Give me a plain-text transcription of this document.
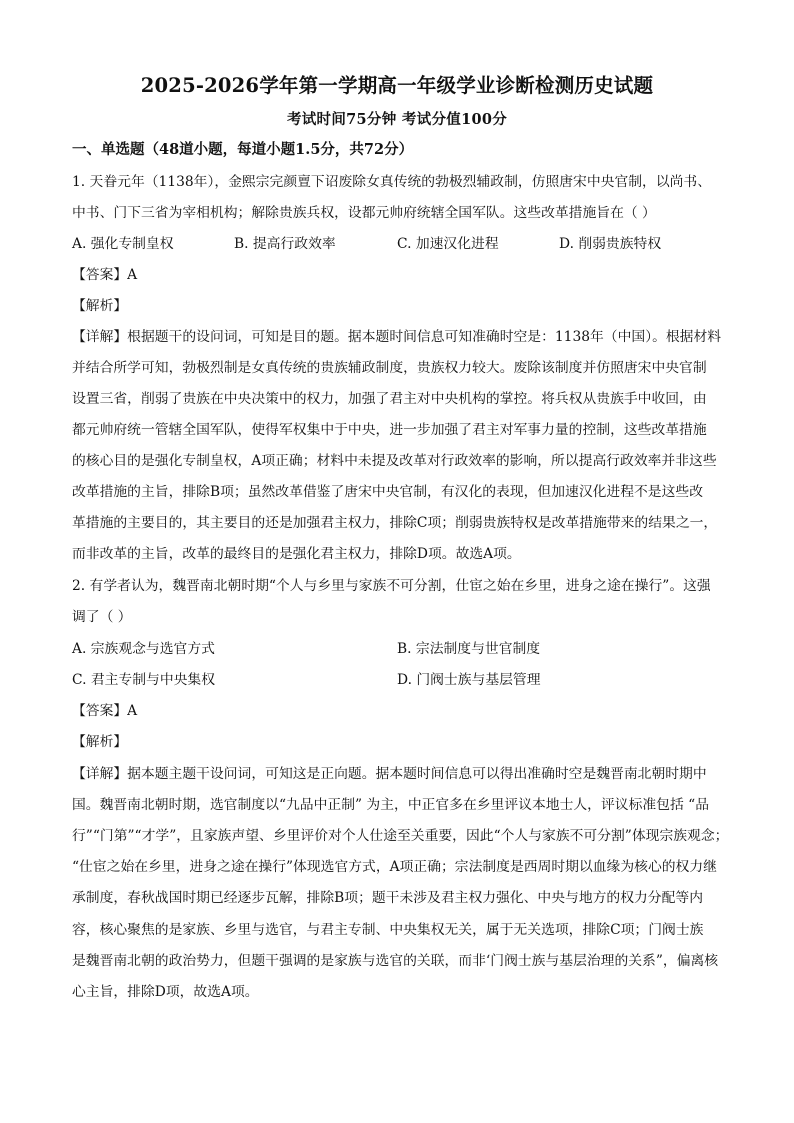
2025-2026学年第一学期高一年级学业诊断检测历史试题
考试时间75分钟 考试分值100分
一、单选题（48道小题，每道小题1.5分，共72分）
1. 天眷元年（1138年），金熙宗完颜亶下诏废除女真传统的勃极烈辅政制，仿照唐宋中央官制，以尚书、
中书、门下三省为宰相机构；解除贵族兵权，设都元帅府统辖全国军队。这些改革措施旨在（ ）
A. 强化专制皇权	B. 提高行政效率	C. 加速汉化进程	D. 削弱贵族特权
【答案】A
【解析】
【详解】根据题干的设问词，可知是目的题。据本题时间信息可知准确时空是：1138年（中国）。根据材料
并结合所学可知，勃极烈制是女真传统的贵族辅政制度，贵族权力较大。废除该制度并仿照唐宋中央官制
设置三省，削弱了贵族在中央决策中的权力，加强了君主对中央机构的掌控。将兵权从贵族手中收回，由
都元帅府统一管辖全国军队，使得军权集中于中央，进一步加强了君主对军事力量的控制，这些改革措施
的核心目的是强化专制皇权，A项正确；材料中未提及改革对行政效率的影响，所以提高行政效率并非这些
改革措施的主旨，排除B项；虽然改革借鉴了唐宋中央官制，有汉化的表现，但加速汉化进程不是这些改
革措施的主要目的，其主要目的还是加强君主权力，排除C项；削弱贵族特权是改革措施带来的结果之一，
而非改革的主旨，改革的最终目的是强化君主权力，排除D项。故选A项。
2. 有学者认为，魏晋南北朝时期“个人与乡里与家族不可分割，仕宦之始在乡里，进身之途在操行”。这强
调了（ ）
A. 宗族观念与选官方式	B. 宗法制度与世官制度
C. 君主专制与中央集权	D. 门阀士族与基层管理
【答案】A
【解析】
【详解】据本题主题干设问词，可知这是正向题。据本题时间信息可以得出准确时空是魏晋南北朝时期中
国。魏晋南北朝时期，选官制度以“九品中正制” 为主，中正官多在乡里评议本地士人，评议标准包括 “品
行”“门第”“才学”，且家族声望、乡里评价对个人仕途至关重要，因此“个人与家族不可分割”体现宗族观念；
“仕宦之始在乡里，进身之途在操行”体现选官方式，A项正确；宗法制度是西周时期以血缘为核心的权力继
承制度，春秋战国时期已经逐步瓦解，排除B项；题干未涉及君主权力强化、中央与地方的权力分配等内
容，核心聚焦的是家族、乡里与选官，与君主专制、中央集权无关，属于无关选项，排除C项；门阀士族
是魏晋南北朝的政治势力，但题干强调的是家族与选官的关联，而非‘门阀士族与基层治理的关系”，偏离核
心主旨，排除D项，故选A项。
